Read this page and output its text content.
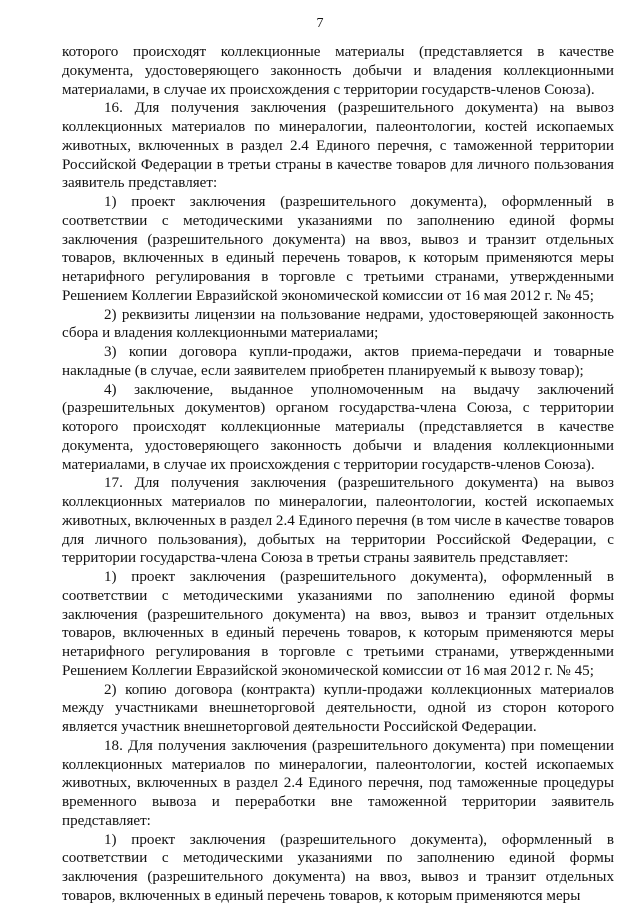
7

которого происходят коллекционные материалы (представляется в качестве документа, удостоверяющего законность добычи и владения коллекционными материалами, в случае их происхождения с территории государств-членов Союза).

16. Для получения заключения (разрешительного документа) на вывоз коллекционных материалов по минералогии, палеонтологии, костей ископаемых животных, включенных в раздел 2.4 Единого перечня, с таможенной территории Российской Федерации в третьи страны в качестве товаров для личного пользования заявитель представляет:

1) проект заключения (разрешительного документа), оформленный в соответствии с методическими указаниями по заполнению единой формы заключения (разрешительного документа) на ввоз, вывоз и транзит отдельных товаров, включенных в единый перечень товаров, к которым применяются меры нетарифного регулирования в торговле с третьими странами, утвержденными Решением Коллегии Евразийской экономической комиссии от 16 мая 2012 г. № 45;

2) реквизиты лицензии на пользование недрами, удостоверяющей законность сбора и владения коллекционными материалами;

3) копии договора купли-продажи, актов приема-передачи и товарные накладные (в случае, если заявителем приобретен планируемый к вывозу товар);

4) заключение, выданное уполномоченным на выдачу заключений (разрешительных документов) органом государства-члена Союза, с территории которого происходят коллекционные материалы (представляется в качестве документа, удостоверяющего законность добычи и владения коллекционными материалами, в случае их происхождения с территории государств-членов Союза).

17. Для получения заключения (разрешительного документа) на вывоз коллекционных материалов по минералогии, палеонтологии, костей ископаемых животных, включенных в раздел 2.4 Единого перечня (в том числе в качестве товаров для личного пользования), добытых на территории Российской Федерации, с территории государства-члена Союза в третьи страны заявитель представляет:

1) проект заключения (разрешительного документа), оформленный в соответствии с методическими указаниями по заполнению единой формы заключения (разрешительного документа) на ввоз, вывоз и транзит отдельных товаров, включенных в единый перечень товаров, к которым применяются меры нетарифного регулирования в торговле с третьими странами, утвержденными Решением Коллегии Евразийской экономической комиссии от 16 мая 2012 г. № 45;

2) копию договора (контракта) купли-продажи коллекционных материалов между участниками внешнеторговой деятельности, одной из сторон которого является участник внешнеторговой деятельности Российской Федерации.

18. Для получения заключения (разрешительного документа) при помещении коллекционных материалов по минералогии, палеонтологии, костей ископаемых животных, включенных в раздел 2.4 Единого перечня, под таможенные процедуры временного вывоза и переработки вне таможенной территории заявитель представляет:

1) проект заключения (разрешительного документа), оформленный в соответствии с методическими указаниями по заполнению единой формы заключения (разрешительного документа) на ввоз, вывоз и транзит отдельных товаров, включенных в единый перечень товаров, к которым применяются меры
